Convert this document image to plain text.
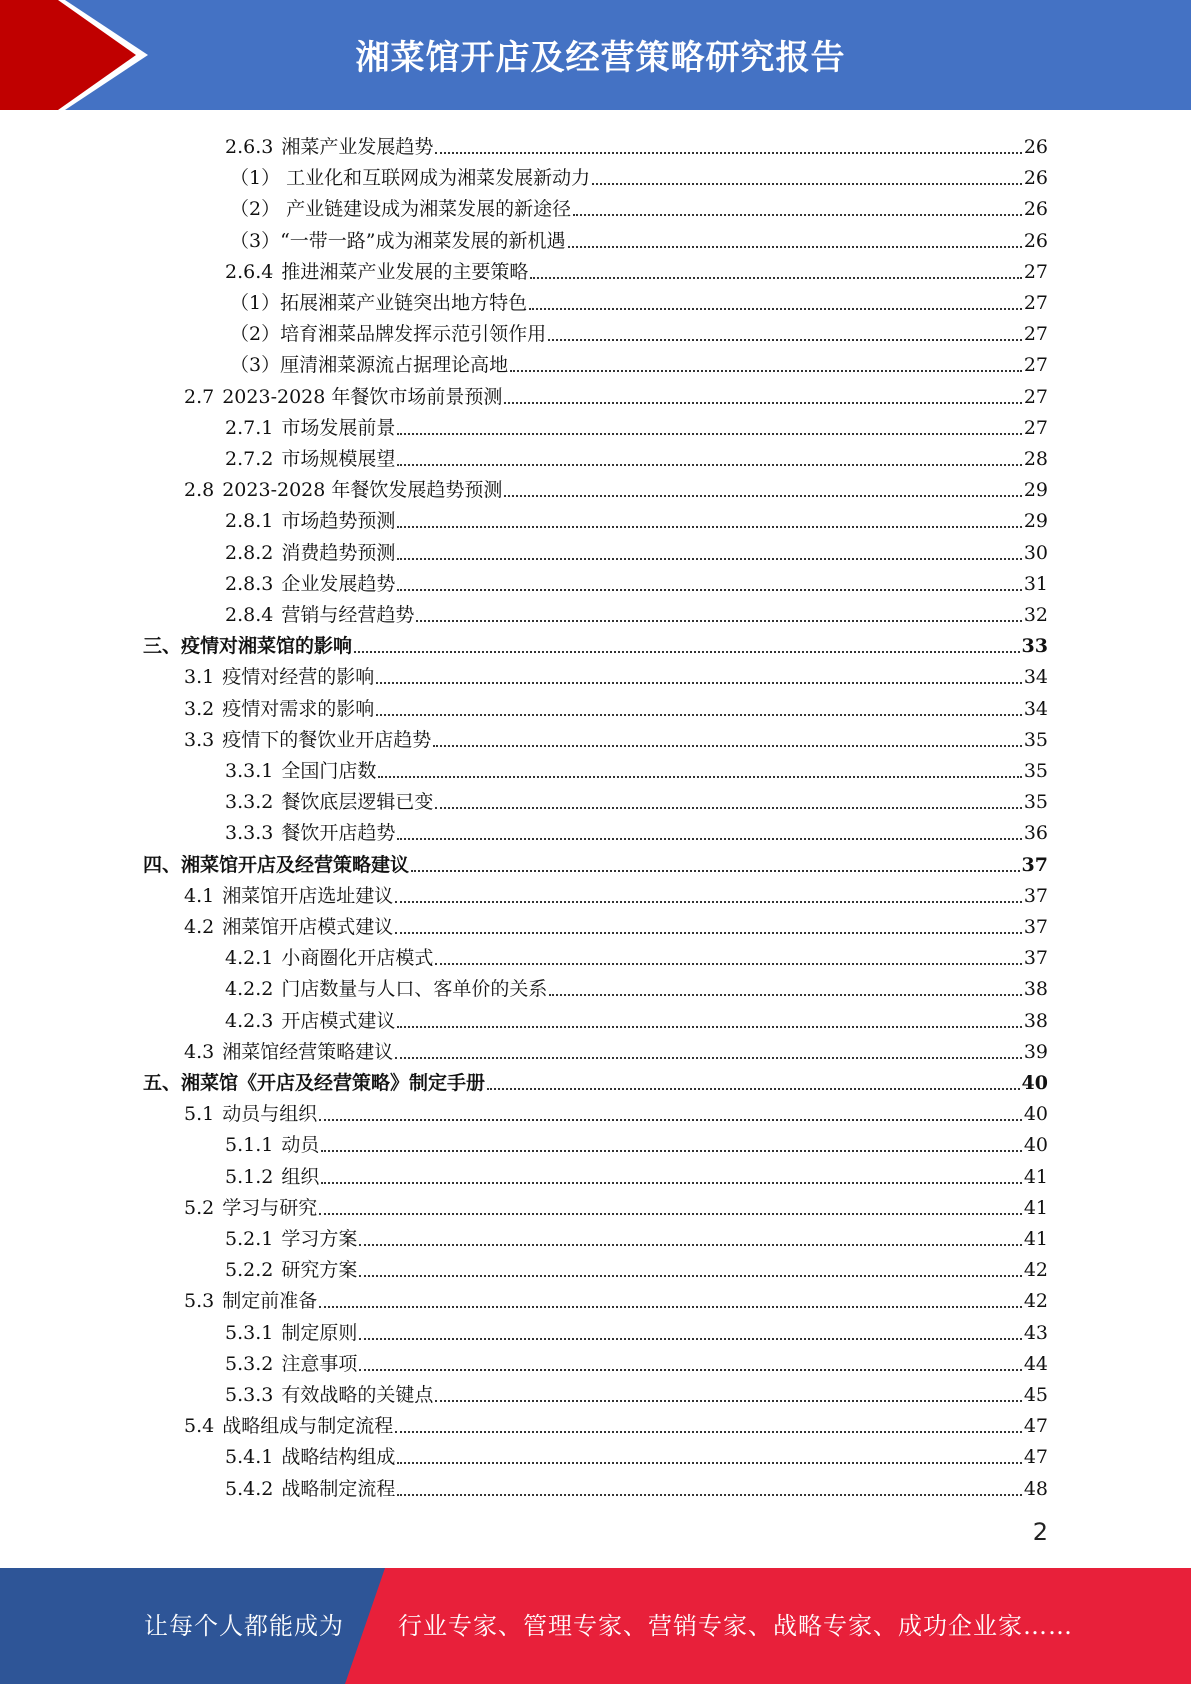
湘菜馆开店及经营策略研究报告
2.6.3 湘菜产业发展趋势	26
（1） 工业化和互联网成为湘菜发展新动力	26
（2） 产业链建设成为湘菜发展的新途径	26
（3）“一带一路”成为湘菜发展的新机遇	26
2.6.4 推进湘菜产业发展的主要策略	27
（1）拓展湘菜产业链突出地方特色	27
（2）培育湘菜品牌发挥示范引领作用	27
（3）厘清湘菜源流占据理论高地	27
2.7 2023-2028 年餐饮市场前景预测	27
2.7.1 市场发展前景	27
2.7.2 市场规模展望	28
2.8 2023-2028 年餐饮发展趋势预测	29
2.8.1 市场趋势预测	29
2.8.2 消费趋势预测	30
2.8.3 企业发展趋势	31
2.8.4 营销与经营趋势	32
三、疫情对湘菜馆的影响	33
3.1 疫情对经营的影响	34
3.2 疫情对需求的影响	34
3.3 疫情下的餐饮业开店趋势	35
3.3.1 全国门店数	35
3.3.2 餐饮底层逻辑已变	35
3.3.3 餐饮开店趋势	36
四、湘菜馆开店及经营策略建议	37
4.1 湘菜馆开店选址建议	37
4.2 湘菜馆开店模式建议	37
4.2.1 小商圈化开店模式	37
4.2.2 门店数量与人口、客单价的关系	38
4.2.3 开店模式建议	38
4.3 湘菜馆经营策略建议	39
五、湘菜馆《开店及经营策略》制定手册	40
5.1 动员与组织	40
5.1.1 动员	40
5.1.2 组织	41
5.2 学习与研究	41
5.2.1 学习方案	41
5.2.2 研究方案	42
5.3 制定前准备	42
5.3.1 制定原则	43
5.3.2 注意事项	44
5.3.3 有效战略的关键点	45
5.4 战略组成与制定流程	47
5.4.1 战略结构组成	47
5.4.2 战略制定流程	48
2
让每个人都能成为 行业专家、管理专家、营销专家、战略专家、成功企业家……
